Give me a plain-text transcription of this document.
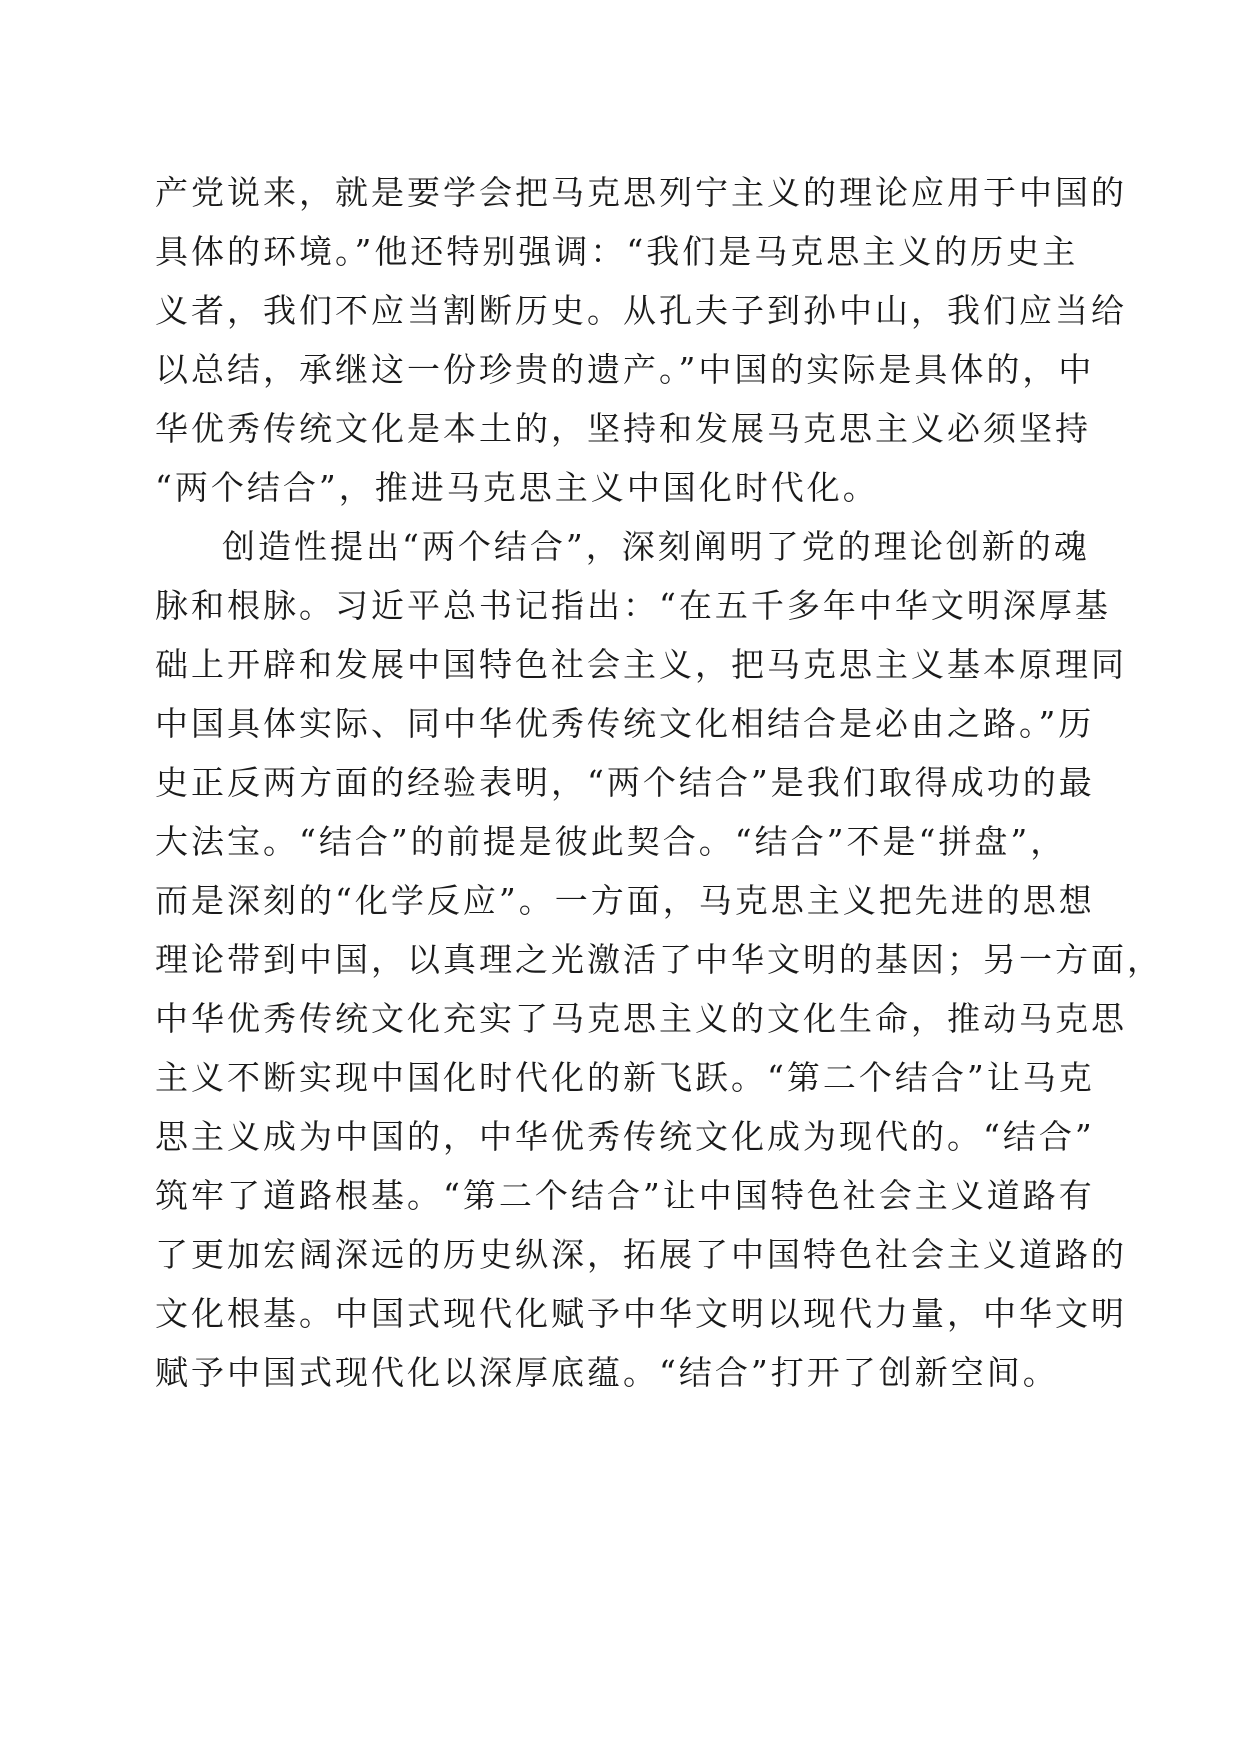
产党说来，就是要学会把马克思列宁主义的理论应用于中国的
具体的环境。”他还特别强调：“我们是马克思主义的历史主
义者，我们不应当割断历史。从孔夫子到孙中山，我们应当给
以总结，承继这一份珍贵的遗产。”中国的实际是具体的，中
华优秀传统文化是本土的，坚持和发展马克思主义必须坚持
“两个结合”，推进马克思主义中国化时代化。
创造性提出“两个结合”，深刻阐明了党的理论创新的魂
脉和根脉。习近平总书记指出：“在五千多年中华文明深厚基
础上开辟和发展中国特色社会主义，把马克思主义基本原理同
中国具体实际、同中华优秀传统文化相结合是必由之路。”历
史正反两方面的经验表明，“两个结合”是我们取得成功的最
大法宝。“结合”的前提是彼此契合。“结合”不是“拼盘”，
而是深刻的“化学反应”。一方面，马克思主义把先进的思想
理论带到中国，以真理之光激活了中华文明的基因；另一方面，
中华优秀传统文化充实了马克思主义的文化生命，推动马克思
主义不断实现中国化时代化的新飞跃。“第二个结合”让马克
思主义成为中国的，中华优秀传统文化成为现代的。“结合”
筑牢了道路根基。“第二个结合”让中国特色社会主义道路有
了更加宏阔深远的历史纵深，拓展了中国特色社会主义道路的
文化根基。中国式现代化赋予中华文明以现代力量，中华文明
赋予中国式现代化以深厚底蕴。“结合”打开了创新空间。
